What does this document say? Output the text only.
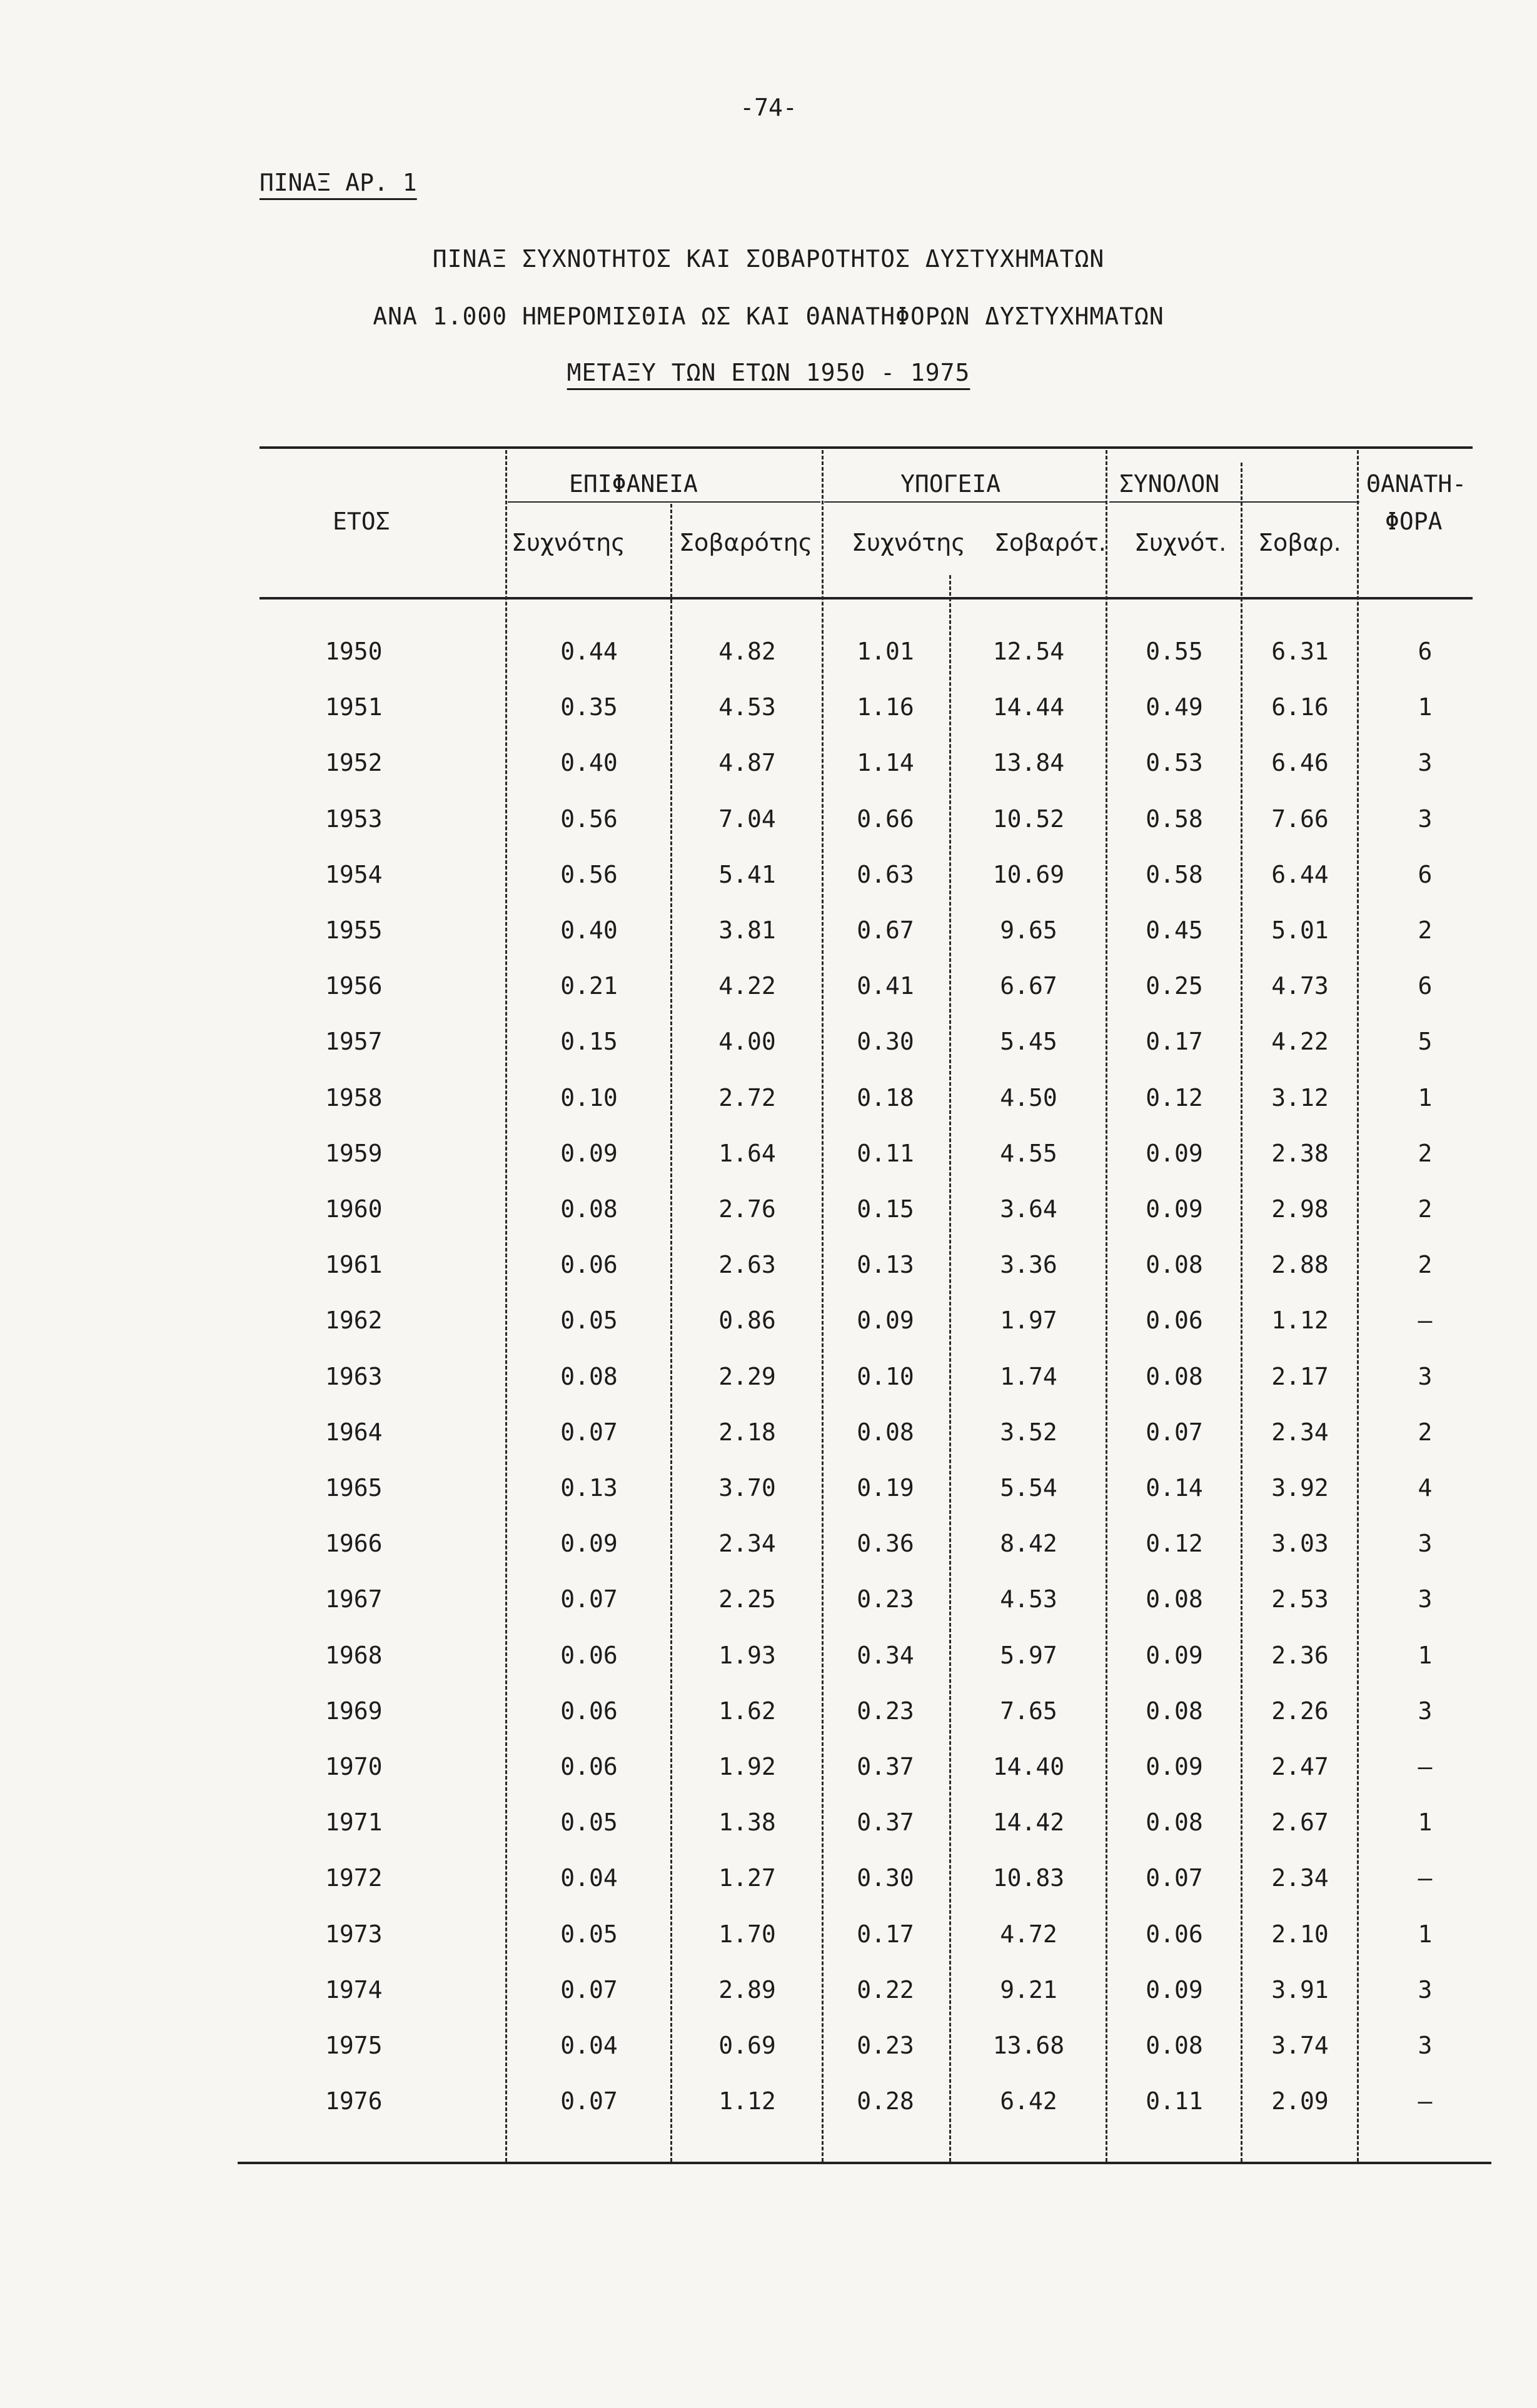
-74-
ΠΙΝΑΞ ΑΡ. 1
ΠΙΝΑΞ ΣΥΧΝΟΤΗΤΟΣ ΚΑΙ ΣΟΒΑΡΟΤΗΤΟΣ ΔΥΣΤΥΧΗΜΑΤΩΝ
ΑΝΑ 1.000 ΗΜΕΡΟΜΙΣΘΙΑ ΩΣ ΚΑΙ ΘΑΝΑΤΗΦΟΡΩΝ ΔΥΣΤΥΧΗΜΑΤΩΝ
ΜΕΤΑΞΥ ΤΩΝ ΕΤΩΝ 1950 - 1975
ΕΤΟΣ
ΕΠΙΦΑΝΕΙΑ	ΥΠΟΓΕΙΑ	ΣΥΝΟΛΟΝ	ΘΑΝΑΤΗ-
ΦΟΡΑ
Συχνότης Σοβαρότης Συχνότης Σοβαρότ. Συχνότ. Σοβαρ.
1950	0.44	4.82	1.01	12.54	0.55	6.31	6
1951	0.35	4.53	1.16	14.44	0.49	6.16	1
1952	0.40	4.87	1.14	13.84	0.53	6.46	3
1953	0.56	7.04	0.66	10.52	0.58	7.66	3
1954	0.56	5.41	0.63	10.69	0.58	6.44	6
1955	0.40	3.81	0.67	9.65	0.45	5.01	2
1956	0.21	4.22	0.41	6.67	0.25	4.73	6
1957	0.15	4.00	0.30	5.45	0.17	4.22	5
1958	0.10	2.72	0.18	4.50	0.12	3.12	1
1959	0.09	1.64	0.11	4.55	0.09	2.38	2
1960	0.08	2.76	0.15	3.64	0.09	2.98	2
1961	0.06	2.63	0.13	3.36	0.08	2.88	2
1962	0.05	0.86	0.09	1.97	0.06	1.12	–
1963	0.08	2.29	0.10	1.74	0.08	2.17	3
1964	0.07	2.18	0.08	3.52	0.07	2.34	2
1965	0.13	3.70	0.19	5.54	0.14	3.92	4
1966	0.09	2.34	0.36	8.42	0.12	3.03	3
1967	0.07	2.25	0.23	4.53	0.08	2.53	3
1968	0.06	1.93	0.34	5.97	0.09	2.36	1
1969	0.06	1.62	0.23	7.65	0.08	2.26	3
1970	0.06	1.92	0.37	14.40	0.09	2.47	–
1971	0.05	1.38	0.37	14.42	0.08	2.67	1
1972	0.04	1.27	0.30	10.83	0.07	2.34	–
1973	0.05	1.70	0.17	4.72	0.06	2.10	1
1974	0.07	2.89	0.22	9.21	0.09	3.91	3
1975	0.04	0.69	0.23	13.68	0.08	3.74	3
1976	0.07	1.12	0.28	6.42	0.11	2.09	–
